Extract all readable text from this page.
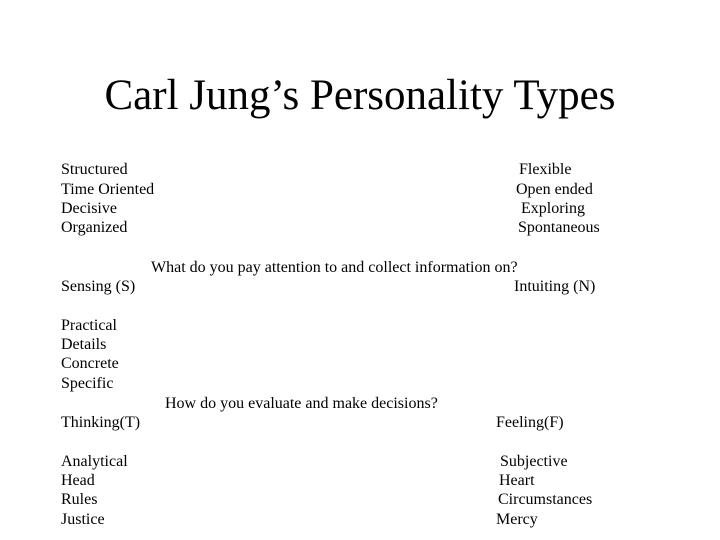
Carl Jung’s Personality Types
Structured
Time Oriented
Decisive
Organized
Flexible
Open ended
Exploring
Spontaneous
What do you pay attention to and collect information on?
Sensing (S)	Intuiting (N)
Practical
Details
Concrete
Specific
How do you evaluate and make decisions?
Thinking(T)	Feeling(F)
Analytical
Head
Rules
Justice
Subjective
Heart
Circumstances
Mercy
